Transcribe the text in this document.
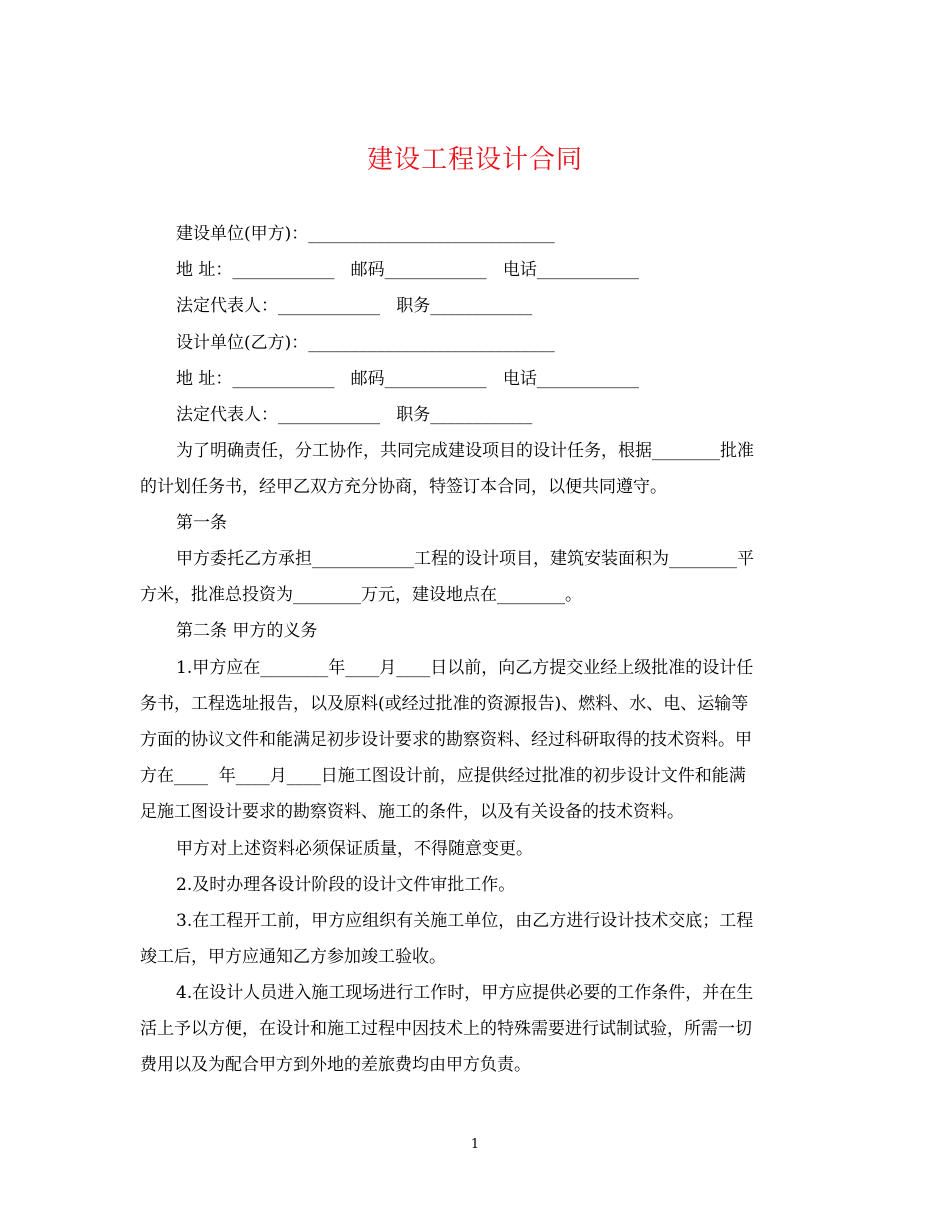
建设工程设计合同
建设单位(甲方)：_____________________________
地 址：____________   邮码____________   电话____________
法定代表人：____________   职务____________
设计单位(乙方)：_____________________________
地 址：____________   邮码____________   电话____________
法定代表人：____________   职务____________
为了明确责任，分工协作，共同完成建设项目的设计任务，根据________批准
的计划任务书，经甲乙双方充分协商，特签订本合同，以便共同遵守。
第一条
甲方委托乙方承担____________工程的设计项目，建筑安装面积为________平
方米，批准总投资为________万元，建设地点在________。
第二条 甲方的义务
1.甲方应在________年____月____日以前，向乙方提交业经上级批准的设计任
务书，工程选址报告，以及原料(或经过批准的资源报告)、燃料、水、电、运输等
方面的协议文件和能满足初步设计要求的勘察资料、经过科研取得的技术资料。甲
方在____  年____月____日施工图设计前，应提供经过批准的初步设计文件和能满
足施工图设计要求的勘察资料、施工的条件，以及有关设备的技术资料。
甲方对上述资料必须保证质量，不得随意变更。
2.及时办理各设计阶段的设计文件审批工作。
3.在工程开工前，甲方应组织有关施工单位，由乙方进行设计技术交底；工程
竣工后，甲方应通知乙方参加竣工验收。
4.在设计人员进入施工现场进行工作时，甲方应提供必要的工作条件，并在生
活上予以方便，在设计和施工过程中因技术上的特殊需要进行试制试验，所需一切
费用以及为配合甲方到外地的差旅费均由甲方负责。
1
